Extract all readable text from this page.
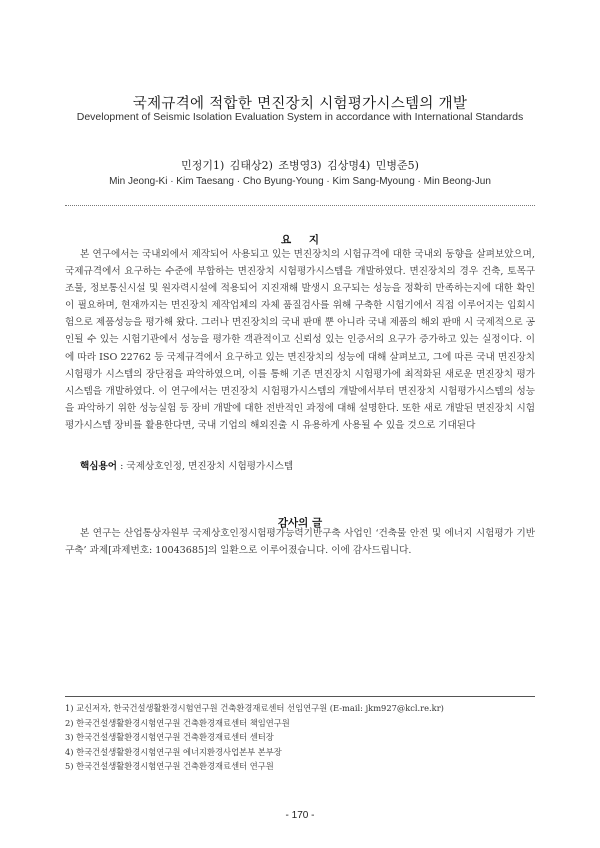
국제규격에 적합한 면진장치 시험평가시스템의 개발
Development of Seismic Isolation Evaluation System in accordance with International Standards
민정기1) 김태상2) 조병영3) 김상명4) 민병준5)
Min Jeong-Ki · Kim Taesang · Cho Byung-Young · Kim Sang-Myoung · Min Beong-Jun
요 지
본 연구에서는 국내외에서 제작되어 사용되고 있는 면진장치의 시험규격에 대한 국내외 동향을 살펴보았으며, 국제규격에서 요구하는 수준에 부합하는 면진장치 시험평가시스템을 개발하였다. 면진장치의 경우 건축, 토목구조물, 정보통신시설 및 원자력시설에 적용되어 지진재해 발생시 요구되는 성능을 정확히 만족하는지에 대한 확인이 필요하며, 현재까지는 면진장치 제작업체의 자체 품질검사를 위해 구축한 시험기에서 직접 이루어지는 입회시험으로 제품성능을 평가해 왔다. 그러나 면진장치의 국내 판매 뿐 아니라 국내 제품의 해외 판매 시 국제적으로 공인될 수 있는 시험기관에서 성능을 평가한 객관적이고 신뢰성 있는 인증서의 요구가 증가하고 있는 실정이다. 이에 따라 ISO 22762 등 국제규격에서 요구하고 있는 면진장치의 성능에 대해 살펴보고, 그에 따른 국내 면진장치 시험평가 시스템의 장단점을 파악하였으며, 이를 통해 기존 면진장치 시험평가에 최적화된 새로운 면진장치 평가시스템을 개발하였다. 이 연구에서는 면진장치 시험평가시스템의 개발에서부터 면진장치 시험평가시스템의 성능을 파악하기 위한 성능실험 등 장비 개발에 대한 전반적인 과정에 대해 설명한다. 또한 새로 개발된 면진장치 시험평가시스템 장비를 활용한다면, 국내 기업의 해외진출 시 유용하게 사용될 수 있을 것으로 기대된다
핵심용어 : 국제상호인정, 면진장치 시험평가시스템
감사의 글
본 연구는 산업통상자원부 국제상호인정시험평가능력기반구축 사업인 ‘건축물 안전 및 에너지 시험평가 기반 구축’ 과제[과제번호: 10043685]의 일환으로 이루어졌습니다. 이에 감사드립니다.
1) 교신저자, 한국건설생활환경시험연구원 건축환경재료센터 선임연구원 (E-mail: jkm927@kcl.re.kr)
2) 한국건설생활환경시험연구원 건축환경재료센터 책임연구원
3) 한국건설생활환경시험연구원 건축환경재료센터 센터장
4) 한국건설생활환경시험연구원 에너지환경사업본부 본부장
5) 한국건설생활환경시험연구원 건축환경재료센터 연구원
- 170 -
